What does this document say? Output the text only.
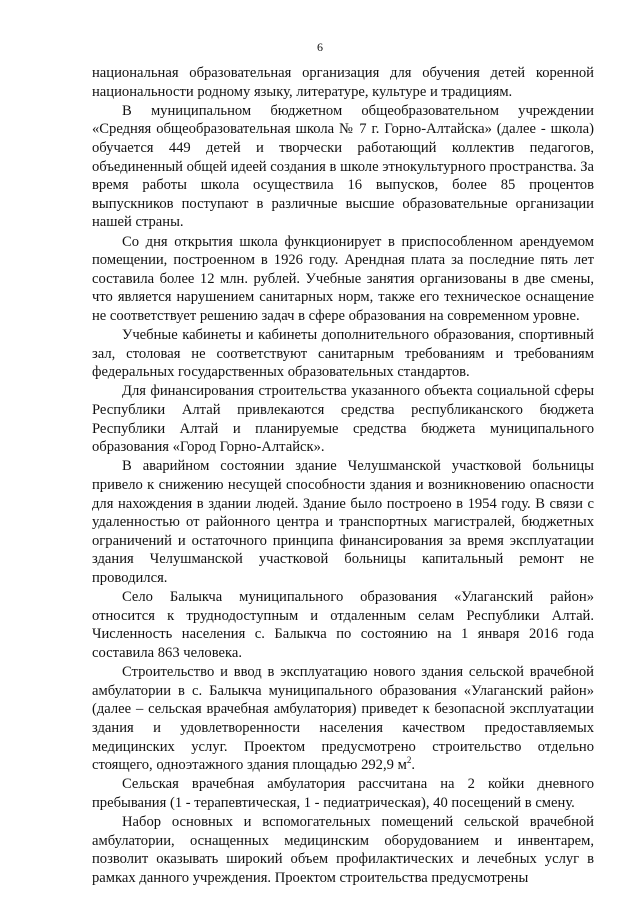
6

национальная образовательная организация для обучения детей коренной национальности родному языку, литературе, культуре и традициям.

В муниципальном бюджетном общеобразовательном учреждении «Средняя общеобразовательная школа № 7 г. Горно-Алтайска» (далее - школа) обучается 449 детей и творчески работающий коллектив педагогов, объединенный общей идеей создания в школе этнокультурного пространства. За время работы школа осуществила 16 выпусков, более 85 процентов выпускников поступают в различные высшие образовательные организации нашей страны.

Со дня открытия школа функционирует в приспособленном арендуемом помещении, построенном в 1926 году. Арендная плата за последние пять лет составила более 12 млн. рублей. Учебные занятия организованы в две смены, что является нарушением санитарных норм, также его техническое оснащение не соответствует решению задач в сфере образования на современном уровне.

Учебные кабинеты и кабинеты дополнительного образования, спортивный зал, столовая не соответствуют санитарным требованиям и требованиям федеральных государственных образовательных стандартов.

Для финансирования строительства указанного объекта социальной сферы Республики Алтай привлекаются средства республиканского бюджета Республики Алтай и планируемые средства бюджета муниципального образования «Город Горно-Алтайск».

В аварийном состоянии здание Челушманской участковой больницы привело к снижению несущей способности здания и возникновению опасности для нахождения в здании людей. Здание было построено в 1954 году. В связи с удаленностью от районного центра и транспортных магистралей, бюджетных ограничений и остаточного принципа финансирования за время эксплуатации здания Челушманской участковой больницы капитальный ремонт не проводился.

Село Балыкча муниципального образования «Улаганский район» относится к труднодоступным и отдаленным селам Республики Алтай. Численность населения с. Балыкча по состоянию на 1 января 2016 года составила 863 человека.

Строительство и ввод в эксплуатацию нового здания сельской врачебной амбулатории в с. Балыкча муниципального образования «Улаганский район» (далее – сельская врачебная амбулатория) приведет к безопасной эксплуатации здания и удовлетворенности населения качеством предоставляемых медицинских услуг. Проектом предусмотрено строительство отдельно стоящего, одноэтажного здания площадью 292,9 $м^2$.

Сельская врачебная амбулатория рассчитана на 2 койки дневного пребывания (1 - терапевтическая, 1 - педиатрическая), 40 посещений в смену.

Набор основных и вспомогательных помещений сельской врачебной амбулатории, оснащенных медицинским оборудованием и инвентарем, позволит оказывать широкий объем профилактических и лечебных услуг в рамках данного учреждения. Проектом строительства предусмотрены
